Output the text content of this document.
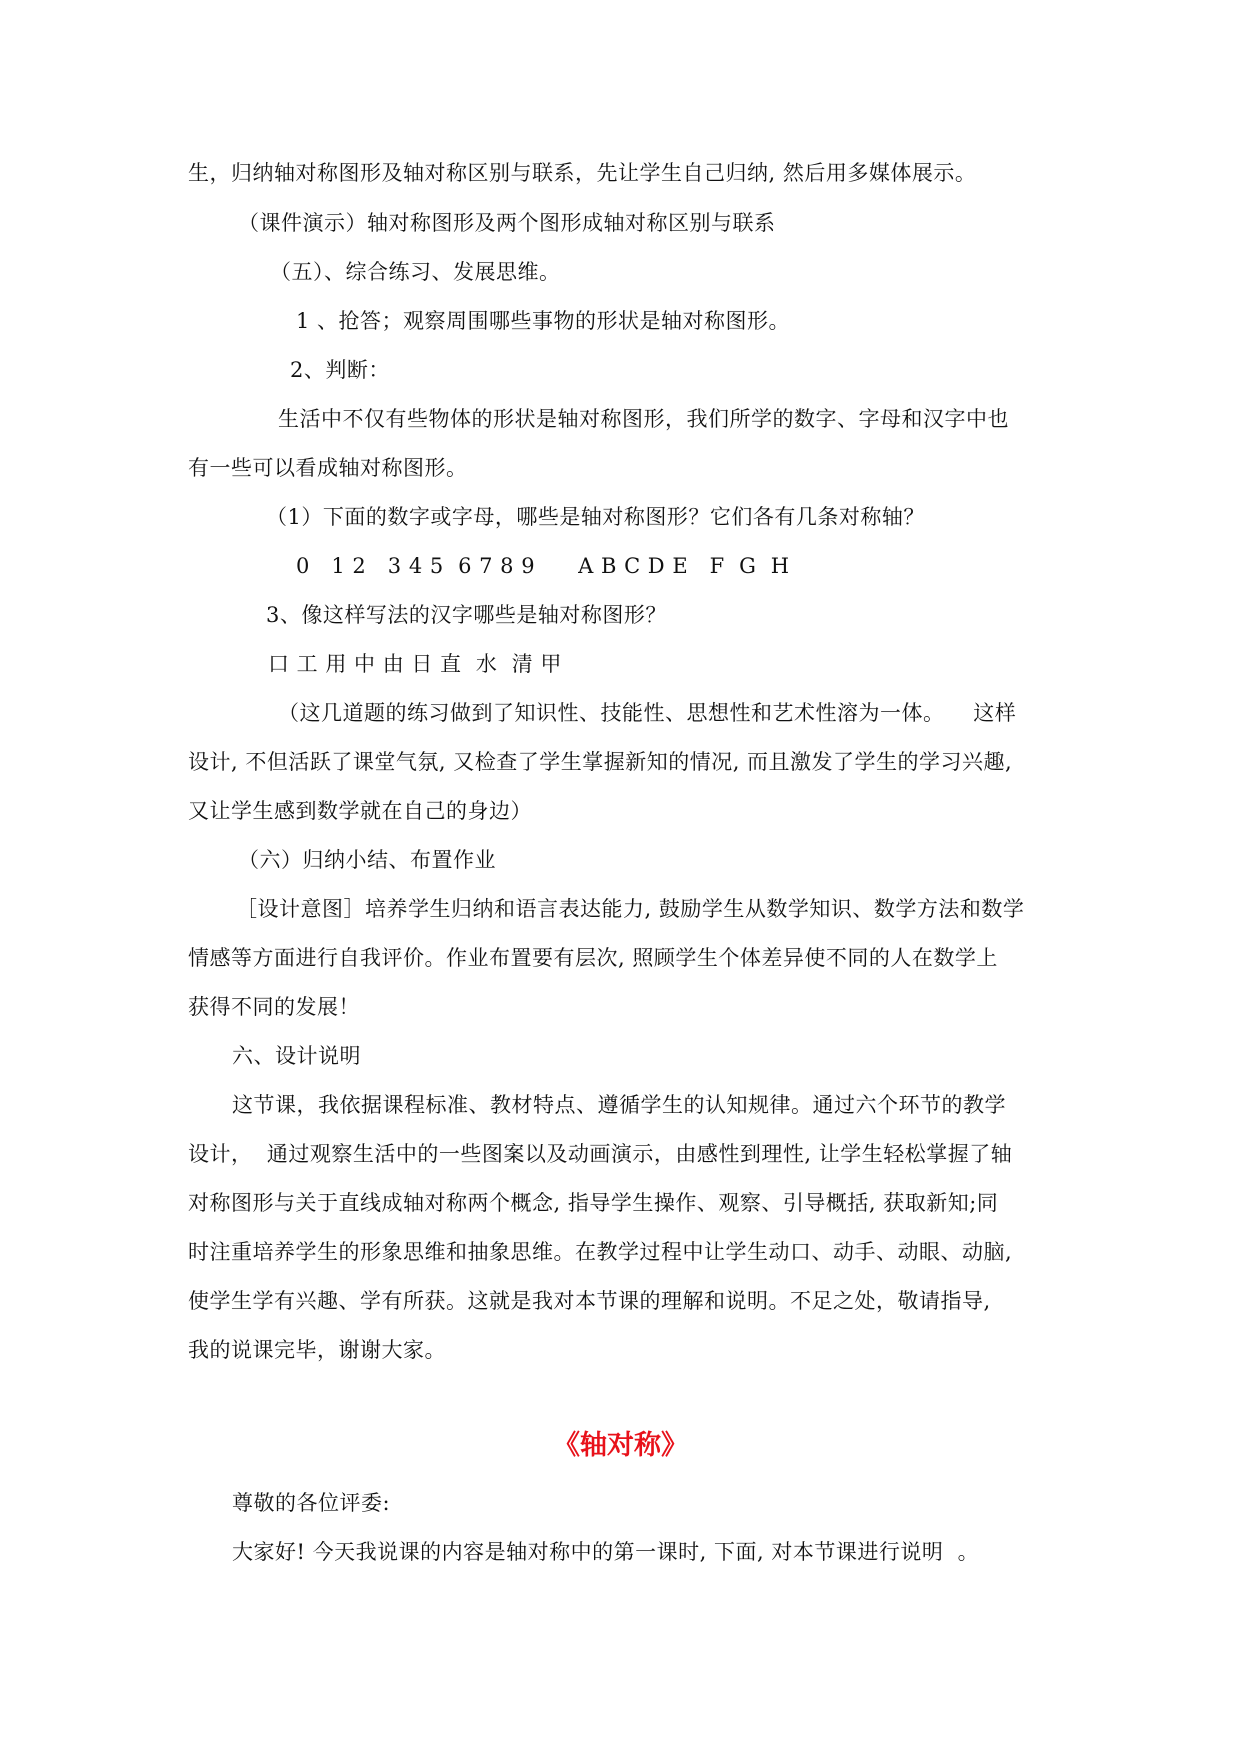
生，归纳轴对称图形及轴对称区别与联系，先让学生自己归纳, 然后用多媒体展示。
（课件演示）轴对称图形及两个图形成轴对称区别与联系
（五）、综合练习、发展思维。
1 、抢答；观察周围哪些事物的形状是轴对称图形。
2、判断：
生活中不仅有些物体的形状是轴对称图形，我们所学的数字、字母和汉字中也
有一些可以看成轴对称图形。
（1）下面的数字或字母，哪些是轴对称图形？它们各有几条对称轴？
0   1 2   3 4 5  6 7 8 9      A B C D E   F  G  H
3、像这样写法的汉字哪些是轴对称图形？
口 工 用 中 由 日 直  水  清 甲
（这几道题的练习做到了知识性、技能性、思想性和艺术性溶为一体。    这样
设计, 不但活跃了课堂气氛, 又检查了学生掌握新知的情况, 而且激发了学生的学习兴趣,
又让学生感到数学就在自己的身边）
（六）归纳小结、布置作业
［设计意图］培养学生归纳和语言表达能力, 鼓励学生从数学知识、数学方法和数学
情感等方面进行自我评价。作业布置要有层次, 照顾学生个体差异使不同的人在数学上
获得不同的发展！
六、设计说明
这节课，我依据课程标准、教材特点、遵循学生的认知规律。通过六个环节的教学
设计，  通过观察生活中的一些图案以及动画演示，由感性到理性, 让学生轻松掌握了轴
对称图形与关于直线成轴对称两个概念, 指导学生操作、观察、引导概括, 获取新知;同
时注重培养学生的形象思维和抽象思维。在教学过程中让学生动口、动手、动眼、动脑,
使学生学有兴趣、学有所获。这就是我对本节课的理解和说明。不足之处，敬请指导,
我的说课完毕，谢谢大家。
《轴对称》
尊敬的各位评委:
大家好! 今天我说课的内容是轴对称中的第一课时, 下面, 对本节课进行说明  。
